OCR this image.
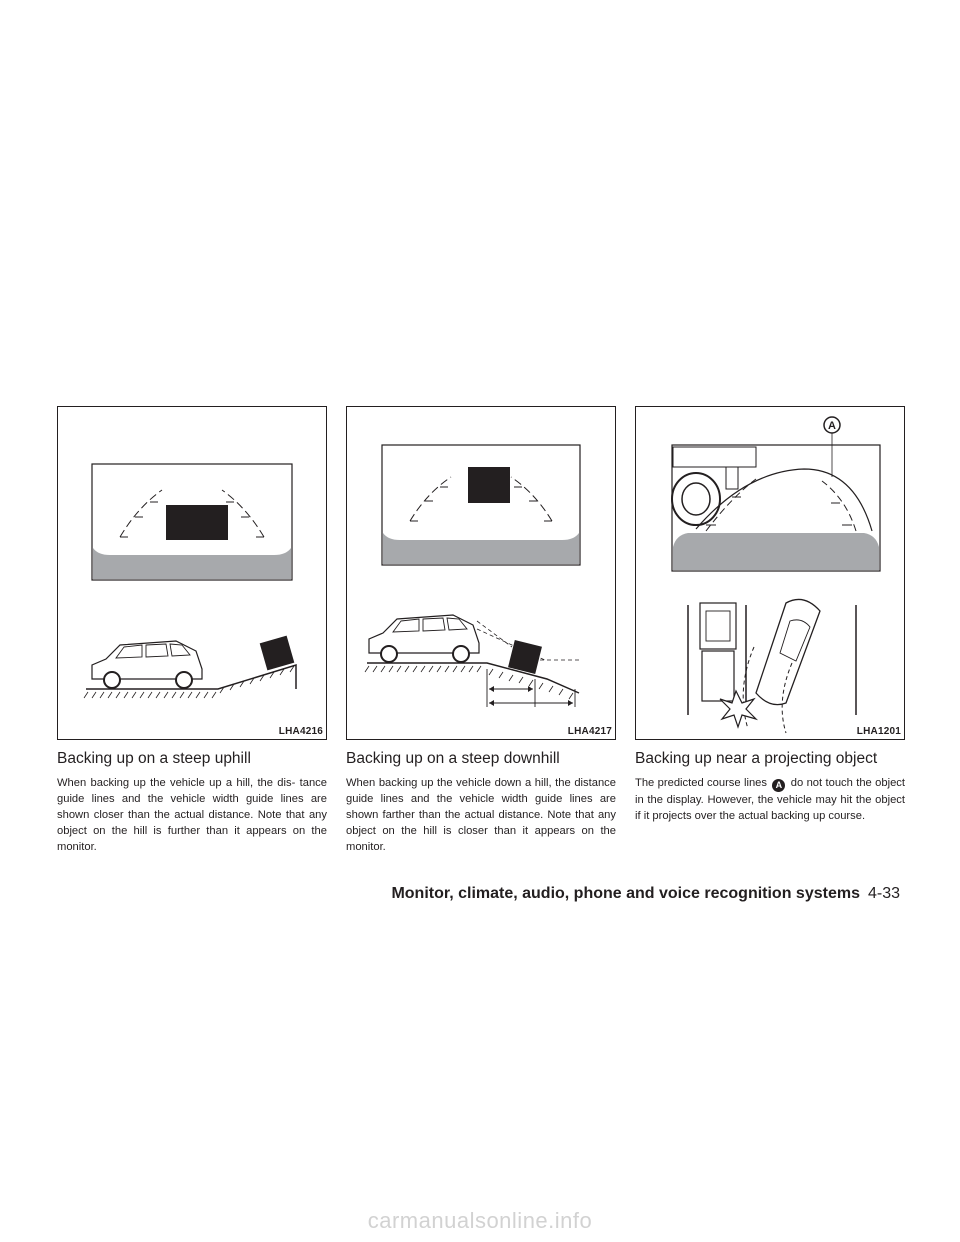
LHA4216
Backing up on a steep uphill

When backing up the vehicle up a hill, the dis- tance guide lines and the vehicle width guide lines are shown closer than the actual distance. Note that any object on the hill is further than it appears on the monitor.

LHA4217
Backing up on a steep downhill

When backing up the vehicle down a hill, the distance guide lines and the vehicle width guide lines are shown farther than the actual distance. Note that any object on the hill is closer than it appears on the monitor.

A
LHA1201
Backing up near a projecting object

The predicted course lines A do not touch the object in the display. However, the vehicle may hit the object if it projects over the actual backing up course.

Monitor, climate, audio, phone and voice recognition systems 4-33
carmanualsonline.info
